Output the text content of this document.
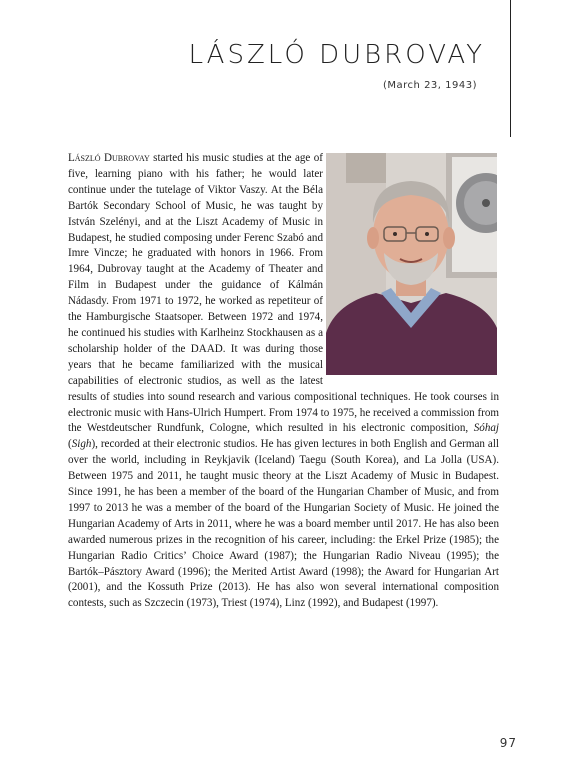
LÁSZLÓ DUBROVAY
(March 23, 1943)
László Dubrovay started his music studies at the age of five, learning piano with his father; he would later continue under the tutelage of Viktor Vaszy. At the Béla Bartók Secondary School of Music, he was taught by István Szelényi, and at the Liszt Academy of Music in Budapest, he studied composing under Ferenc Szabó and Imre Vincze; he graduated with honors in 1966. From 1964, Dubrovay taught at the Academy of Theater and Film in Budapest under the guidance of Kálmán Nádasdy. From 1971 to 1972, he worked as repetiteur of the Hamburgische Staatsoper. Between 1972 and 1974, he continued his studies with Karlheinz Stockhausen as a scholarship holder of the DAAD. It was during those years that he became familiarized with the musical capabilities of electronic studios, as well as the latest results of studies into sound research and various compositional techniques. He took courses in electronic music with Hans-Ulrich Humpert. From 1974 to 1975, he received a commission from the Westdeutscher Rundfunk, Cologne, which resulted in his electronic composition, Sóhaj (Sigh), recorded at their electronic studios. He has given lectures in both English and German all over the world, including in Reykjavik (Iceland) Taegu (South Korea), and La Jolla (USA). Between 1975 and 2011, he taught music theory at the Liszt Academy of Music in Budapest. Since 1991, he has been a member of the board of the Hungarian Chamber of Music, and from 1997 to 2013 he was a member of the board of the Hungarian Society of Music. He joined the Hungarian Academy of Arts in 2011, where he was a board member until 2017. He has also been awarded numerous prizes in the recognition of his career, including: the Erkel Prize (1985); the Hungarian Radio Critics’ Choice Award (1987); the Hungarian Radio Niveau (1995); the Bartók–Pásztory Award (1996); the Merited Artist Award (1998); the Award for Hungarian Art (2001), and the Kossuth Prize (2013). He has also won several international composition contests, such as Szczecin (1973), Triest (1974), Linz (1992), and Budapest (1997).
97
